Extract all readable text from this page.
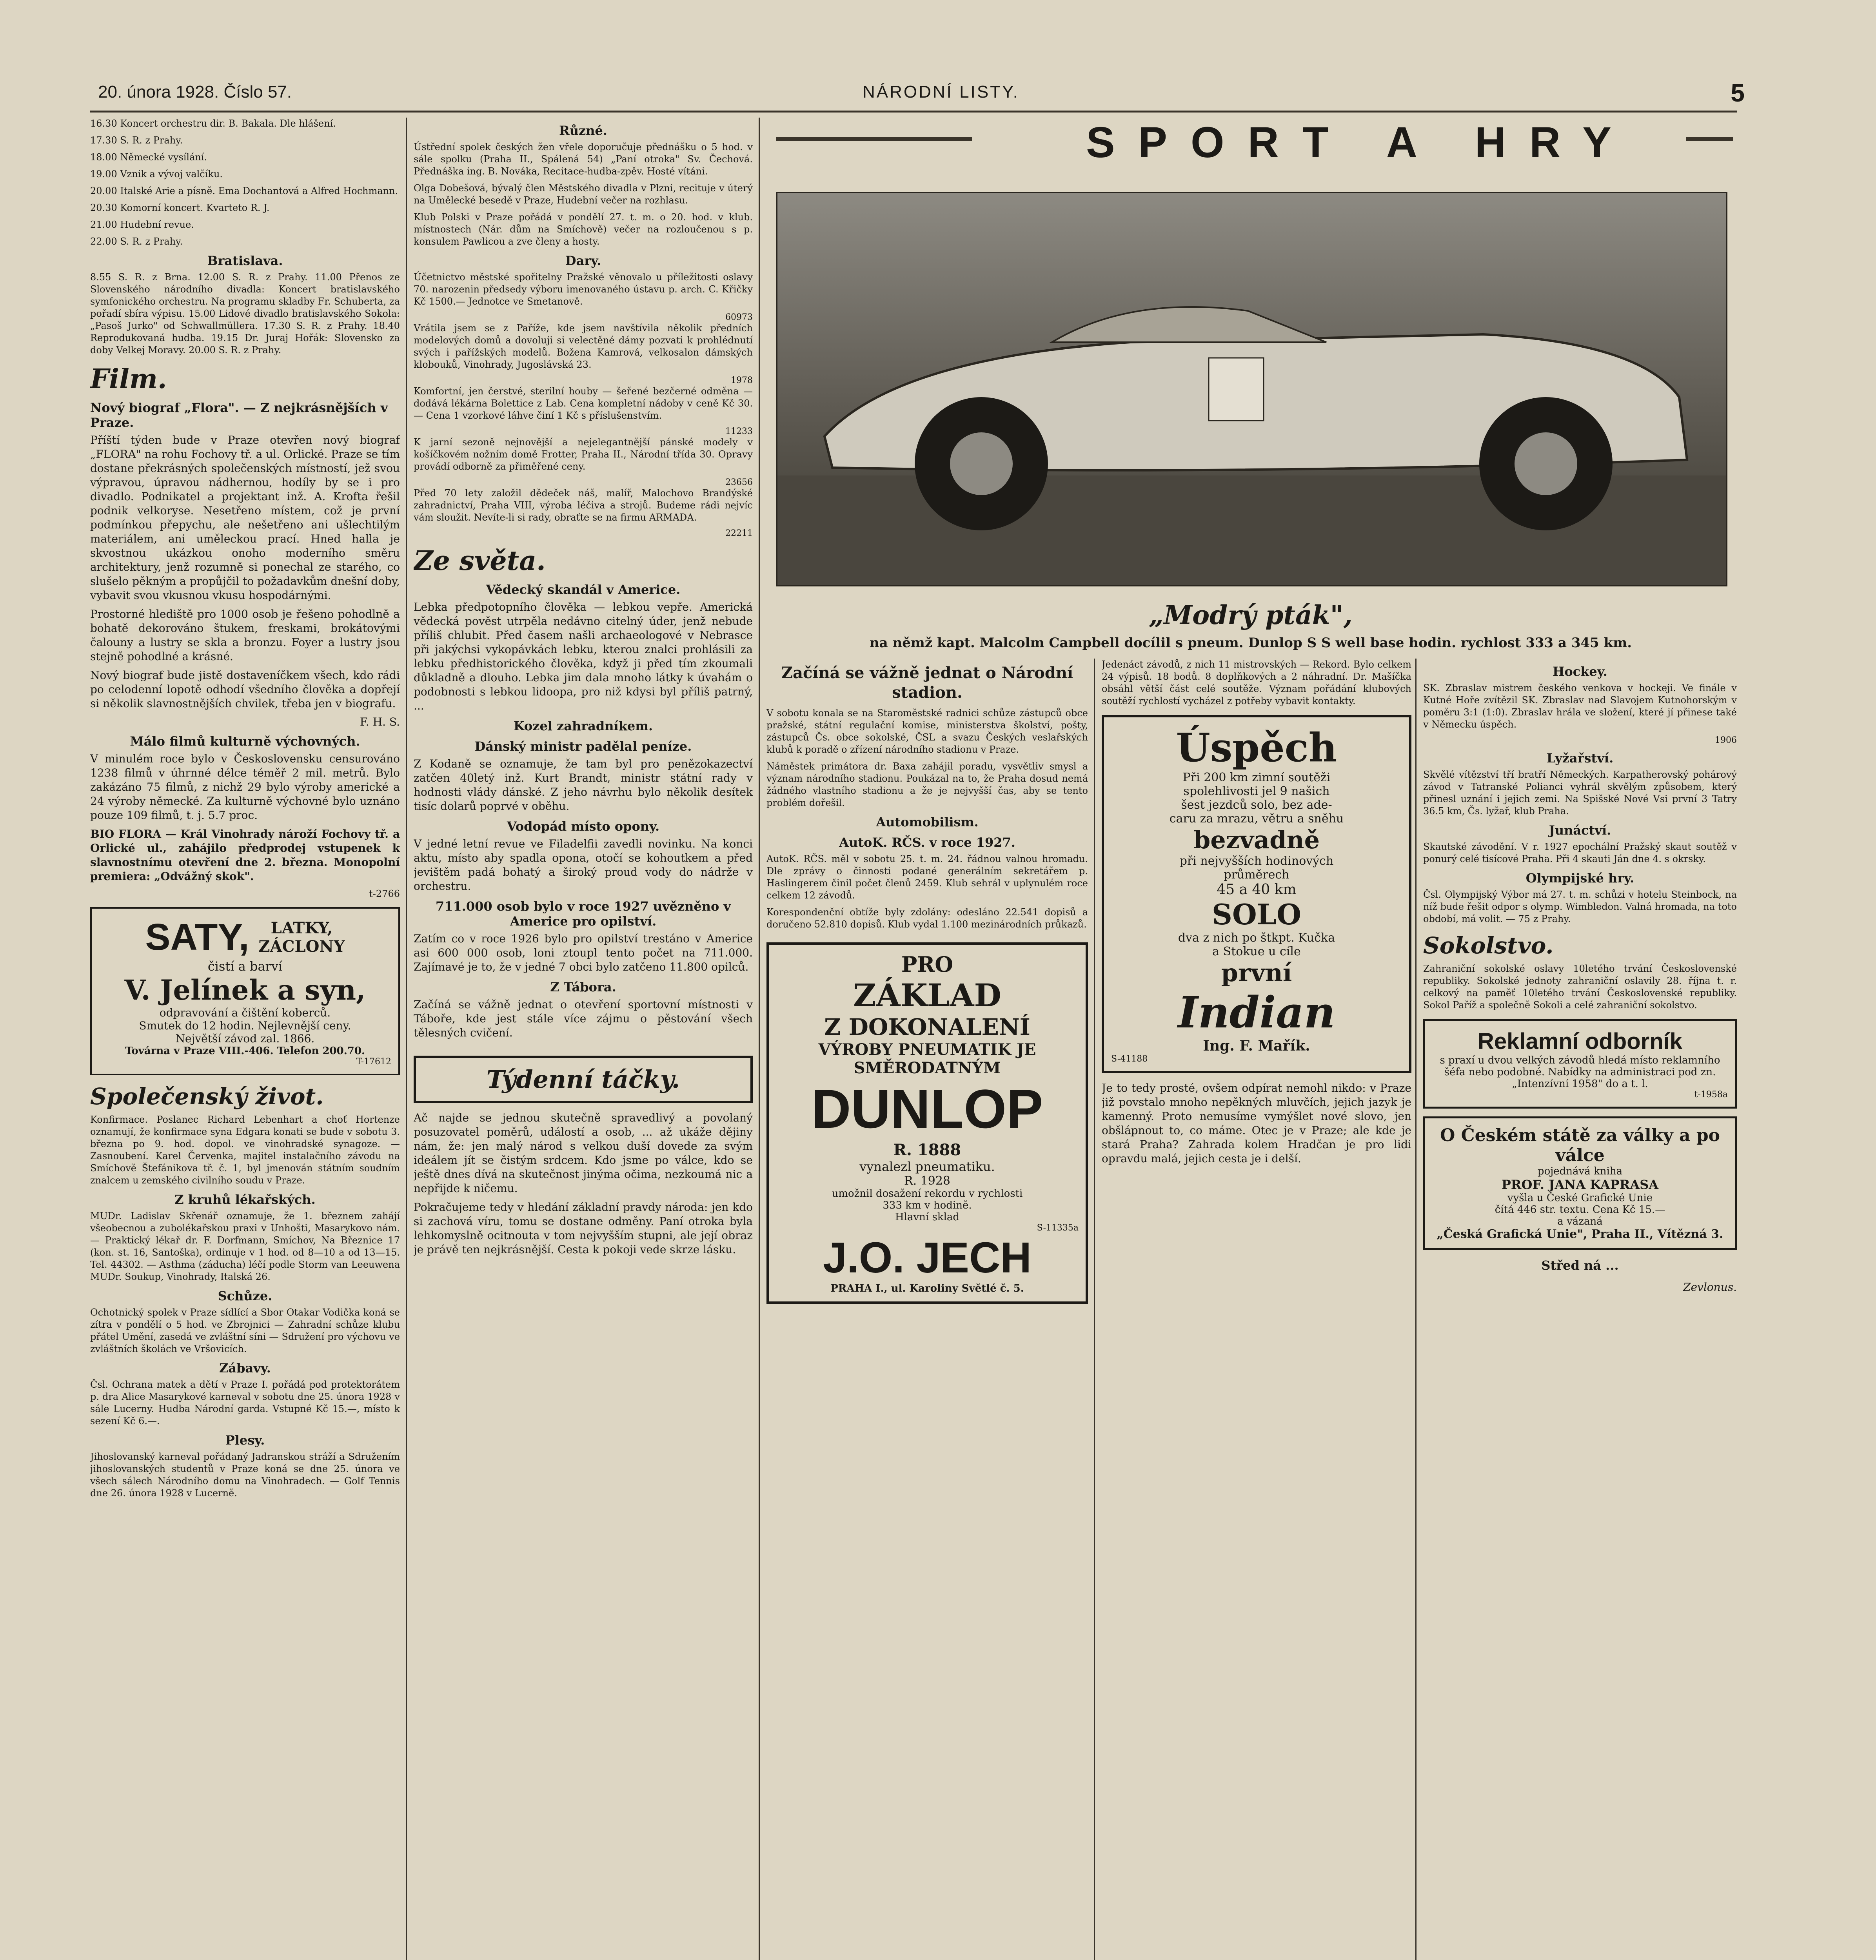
20. února 1928. Číslo 57.	NÁRODNÍ LISTY.	5
16.30 Koncert orchestru dir. B. Bakala. Dle hlášení.
17.30 S. R. z Prahy.
18.00 Německé vysílání.
19.00 Vznik a vývoj valčíku.
20.00 Italské Arie a písně. Ema Dochantová a Alfred Hochmann.
20.30 Komorní koncert. Kvarteto R. J.
21.00 Hudební revue.
22.00 S. R. z Prahy.
Bratislava.
8.55 S. R. z Brna. 12.00 S. R. z Prahy. 11.00 Přenos ze Slovenského národního divadla: Koncert bratislavského symfonického orchestru. Na programu skladby Fr. Schuberta, za pořadí sbíra výpisu. 15.00 Lidové divadlo bratislavského Sokola: „Pasoš Jurko" od Schwallmüllera. 17.30 S. R. z Prahy. 18.40 Reprodukovaná hudba. 19.15 Dr. Juraj Hořák: Slovensko za doby Velkej Moravy. 20.00 S. R. z Prahy.
Film.
Nový biograf „Flora". — Z nejkrásnějších v Praze.

Příští týden bude v Praze otevřen nový biograf „FLORA" na rohu Fochovy tř. a ul. Orlické. Praze se tím dostane překrásných společenských místností, jež svou výpravou, úpravou nádhernou, hodíly by se i pro divadlo. Podnikatel a projektant inž. A. Krofta řešil podnik velkoryse. Nesetřeno místem, což je první podmínkou přepychu, ale nešetřeno ani ušlechtilým materiálem, ani uměleckou prací. Hned halla je skvostnou ukázkou onoho moderního směru architektury, jenž rozumně si ponechal ze starého, co slušelo pěkným a propůjčil to požadavkům dnešní doby, vybavit svou vkusnou vkusu hospodárnými.

Prostorné hlediště pro 1000 osob je řešeno pohodlně a bohatě dekorováno štukem, freskami, brokátovými čalouny a lustry se skla a bronzu. Foyer a lustry jsou stejně pohodlné a krásné.

Nový biograf bude jistě dostaveníčkem všech, kdo rádi po celodenní lopotě odhodí všedního člověka a dopřejí si několik slavnostnějších chvilek, třeba jen v biografu.

F. H. S.
Málo filmů kulturně výchovných.

V minulém roce bylo v Československu censurováno 1238 filmů v úhrnné délce téměř 2 mil. metrů. Bylo zakázáno 75 filmů, z nichž 29 bylo výroby americké a 24 výroby německé. Za kulturně výchovné bylo uznáno pouze 109 filmů, t. j. 5.7 proc.

BIO FLORA — Král Vinohrady nároží Fochovy tř. a Orlické ul., zahájilo předprodej vstupenek k slavnostnímu otevření dne 2. března. Monopolní premiera: „Odvážný skok".

t-2766
SATY,	LATKY,
ZÁCLONY
čistí a barví
V. Jelínek a syn,
odpravování a čištění koberců.
Smutek do 12 hodin. Nejlevnější ceny.
Největší závod zal. 1866.
Továrna v Praze VIII.-406. Telefon 200.70.
T-17612
Společenský život.

Konfirmace. Poslanec Richard Lebenhart a choť Hortenze oznamují, že konfirmace syna Edgara konati se bude v sobotu 3. března po 9. hod. dopol. ve vinohradské synagoze. — Zasnoubení. Karel Červenka, majitel instalačního závodu na Smíchově Štefánikova tř. č. 1, byl jmenován státním soudním znalcem u zemského civilního soudu v Praze.

Z kruhů lékařských.

MUDr. Ladislav Skřenář oznamuje, že 1. březnem zahájí všeobecnou a zubolékařskou praxi v Unhošti, Masarykovo nám. — Praktický lékař dr. F. Dorfmann, Smíchov, Na Březnice 17 (kon. st. 16, Santoška), ordinuje v 1 hod. od 8—10 a od 13—15. Tel. 44302. — Asthma (záducha) léčí podle Storm van Leeuwena MUDr. Soukup, Vinohrady, Italská 26.

Schůze.

Ochotnický spolek v Praze sídlící a Sbor Otakar Vodička koná se zítra v pondělí o 5 hod. ve Zbrojnici — Zahradní schůze klubu přátel Umění, zasedá ve zvláštní síni — Sdružení pro výchovu ve zvláštních školách ve Vršovicích.

Zábavy.

Čsl. Ochrana matek a dětí v Praze I. pořádá pod protektorátem p. dra Alice Masarykové karneval v sobotu dne 25. února 1928 v sále Lucerny. Hudba Národní garda. Vstupné Kč 15.—, místo k sezení Kč 6.—.

Plesy.

Jihoslovanský karneval pořádaný Jadranskou stráží a Sdružením jihoslovanských studentů v Praze koná se dne 25. února ve všech sálech Národního domu na Vinohradech. — Golf Tennis dne 26. února 1928 v Lucerně.

Různé.

Ústřední spolek českých žen vřele doporučuje přednášku o 5 hod. v sále spolku (Praha II., Spálená 54) „Paní otroka" Sv. Čechová. Přednáška ing. B. Nováka, Recitace-hudba-zpěv. Hosté vítáni.

Olga Dobešová, bývalý člen Městského divadla v Plzni, recituje v úterý na Umělecké besedě v Praze, Hudební večer na rozhlasu.

Klub Polski v Praze pořádá v pondělí 27. t. m. o 20. hod. v klub. místnostech (Nár. dům na Smíchově) večer na rozloučenou s p. konsulem Pawlicou a zve členy a hosty.

Dary.

Účetnictvo městské spořitelny Pražské věnovalo u příležitosti oslavy 70. narozenin předsedy výboru imenovaného ústavu p. arch. C. Křičky Kč 1500.— Jednotce ve Smetanově.

60973

Vrátila jsem se z Paříže, kde jsem navštívila několik předních modelových domů a dovoluji si velectěné dámy pozvati k prohlédnutí svých i pařížských modelů. Božena Kamrová, velkosalon dámských klobouků, Vinohrady, Jugoslávská 23.

1978

Komfortní, jen čerstvé, sterilní houby — šeřené bezčerné odměna — dodává lékárna Bolettice z Lab. Cena kompletní nádoby v ceně Kč 30.— Cena 1 vzorkové láhve činí 1 Kč s příslušenstvím.

11233

K jarní sezoně nejnovější a nejelegantnější pánské modely v košíčkovém nožním domě Frotter, Praha II., Národní třída 30. Opravy provádí odborně za přiměřené ceny.

23656

Před 70 lety založil dědeček náš, malíř, Malochovo Brandýské zahradnictví, Praha VIII, výroba léčiva a strojů. Budeme rádi nejvíc vám sloužit. Nevíte-li si rady, obraťte se na firmu ARMADA.

22211
Ze světa.
Vědecký skandál v Americe.

Lebka předpotopního člověka — lebkou vepře. Americká vědecká pověst utrpěla nedávno citelný úder, jenž nebude příliš chlubit. Před časem našli archaeologové v Nebrasce při jakýchsi vykopávkách lebku, kterou znalci prohlásili za lebku předhistorického člověka, když ji před tím zkoumali důkladně a dlouho. Lebka jim dala mnoho látky k úvahám o podobnosti s lebkou lidoopa, pro niž kdysi byl příliš patrný, ...

Kozel zahradníkem.
Dánský ministr padělal peníze.

Z Kodaně se oznamuje, že tam byl pro penězokazectví zatčen 40letý inž. Kurt Brandt, ministr státní rady v hodnosti vlády dánské. Z jeho návrhu bylo několik desítek tisíc dolarů poprvé v oběhu.

Vodopád místo opony.

V jedné letní revue ve Filadelfii zavedli novinku. Na konci aktu, místo aby spadla opona, otočí se kohoutkem a před jevištěm padá bohatý a široký proud vody do nádrže v orchestru.

711.000 osob bylo v roce 1927 uvězněno v Americe pro opilství.

Zatím co v roce 1926 bylo pro opilství trestáno v Americe asi 600 000 osob, loni ztoupl tento počet na 711.000. Zajímavé je to, že v jedné 7 obci bylo zatčeno 11.800 opilců.

Z Tábora.

Začíná se vážně jednat o otevření sportovní místnosti v Táboře, kde jest stále více zájmu o pěstování všech tělesných cvičení.

Týdenní táčky.

Ač najde se jednou skutečně spravedlivý a povolaný posuzovatel poměrů, událostí a osob, ... až ukáže dějiny nám, že: jen malý národ s velkou duší dovede za svým ideálem jít se čistým srdcem. Kdo jsme po válce, kdo se ještě dnes dívá na skutečnost jinýma očima, nezkoumá nic a nepřijde k ničemu.

Pokračujeme tedy v hledání základní pravdy národa: jen kdo si zachová víru, tomu se dostane odměny. Paní otroka byla lehkomyslně ocitnouta v tom nejvyšším stupni, ale její obraz je právě ten nejkrásnější. Cesta k pokoji vede skrze lásku.

SPORT A HRY
„Modrý pták",
na němž kapt. Malcolm Campbell docílil s pneum. Dunlop S S well base hodin. rychlost 333 a 345 km.
Začíná se vážně jednat o Národní stadion.

V sobotu konala se na Staroměstské radnici schůze zástupců obce pražské, státní regulační komise, ministerstva školství, pošty, zástupců Čs. obce sokolské, ČSL a svazu Českých veslařských klubů k poradě o zřízení národního stadionu v Praze.

Náměstek primátora dr. Baxa zahájil poradu, vysvětliv smysl a význam národního stadionu. Poukázal na to, že Praha dosud nemá žádného vlastního stadionu a že je nejvyšší čas, aby se tento problém dořešil.

Automobilism.
AutoK. RČS. v roce 1927.

AutoK. RČS. měl v sobotu 25. t. m. 24. řádnou valnou hromadu. Dle zprávy o činnosti podané generálním sekretářem p. Haslingerem činil počet členů 2459. Klub sehrál v uplynulém roce celkem 12 závodů.

Korespondenční obtíže byly zdolány: odesláno 22.541 dopisů a doručeno 52.810 dopisů. Klub vydal 1.100 mezinárodních průkazů.

PRO
ZÁKLAD
Z DOKONALENÍ
VÝROBY PNEUMATIK JE
SMĚRODATNÝM
DUNLOP
R. 1888
vynalezl pneumatiku.
R. 1928
umožnil dosažení rekordu v rychlosti
333 km v hodině.
Hlavní sklad
S-11335a
J.O. JECH
PRAHA I., ul. Karoliny Světlé č. 5.

Jedenáct závodů, z nich 11 mistrovských — Rekord. Bylo celkem 24 výpisů. 18 bodů. 8 doplňkových a 2 náhradní. Dr. Mašíčka obsáhl větší část celé soutěže. Význam pořádání klubových soutěží rychlostí vycházel z potřeby vybavit kontakty.

Úspěch
Při 200 km zimní soutěži
spolehlivosti jel 9 našich
šest jezdců solo, bez ade-
caru za mrazu, větru a sněhu
bezvadně
při nejvyšších hodinových
průměrech
45 a 40 km
SOLO
dva z nich po štkpt. Kučka
a Stokue u cíle
první
Indian
Ing. F. Mařík.
S-41188

Je to tedy prosté, ovšem odpírat nemohl nikdo: v Praze již povstalo mnoho nepěkných mluvčích, jejich jazyk je kamenný. Proto nemusíme vymýšlet nové slovo, jen obšlápnout to, co máme. Otec je v Praze; ale kde je stará Praha? Zahrada kolem Hradčan je pro lidi opravdu malá, jejich cesta je i delší.

Hockey.

SK. Zbraslav mistrem českého venkova v hockeji. Ve finále v Kutné Hoře zvítězil SK. Zbraslav nad Slavojem Kutnohorským v poměru 3:1 (1:0). Zbraslav hrála ve složení, které jí přinese také v Německu úspěch.

1906
Lyžařství.

Skvělé vítězství tří bratří Německých. Karpatherovský pohárový závod v Tatranské Polianci vyhrál skvělým způsobem, který přinesl uznání i jejich zemi. Na Spišské Nové Vsi první 3 Tatry 36.5 km, Čs. lyžař, klub Praha.

Junáctví.

Skautské závodění. V r. 1927 epochální Pražský skaut soutěž v ponurý celé tisícové Praha. Při 4 skauti Ján dne 4. s okrsky.

Olympijské hry.

Čsl. Olympijský Výbor má 27. t. m. schůzi v hotelu Steinbock, na níž bude řešit odpor s olymp. Wimbledon. Valná hromada, na toto období, má volit. — 75 z Prahy.

Sokolstvo.

Zahraniční sokolské oslavy 10letého trvání Československé republiky. Sokolské jednoty zahraniční oslavily 28. října t. r. celkový na paměť 10letého trvání Československé republiky. Sokol Paříž a společně Sokoli a celé zahraniční sokolstvo.

Reklamní odborník
s praxí u dvou velkých závodů hledá místo reklamního šéfa nebo podobné. Nabídky na administraci pod zn. „Intenzívní 1958" do a t. l.
t-1958a
O Českém státě za války a po válce
pojednává kniha
PROF. JANA KAPRASA
vyšla u České Grafické Unie
čítá 446 str. textu. Cena Kč 15.—
a vázaná
„Česká Grafická Unie", Praha II., Vítězná 3.
Střed ná ...
Zevlonus.
